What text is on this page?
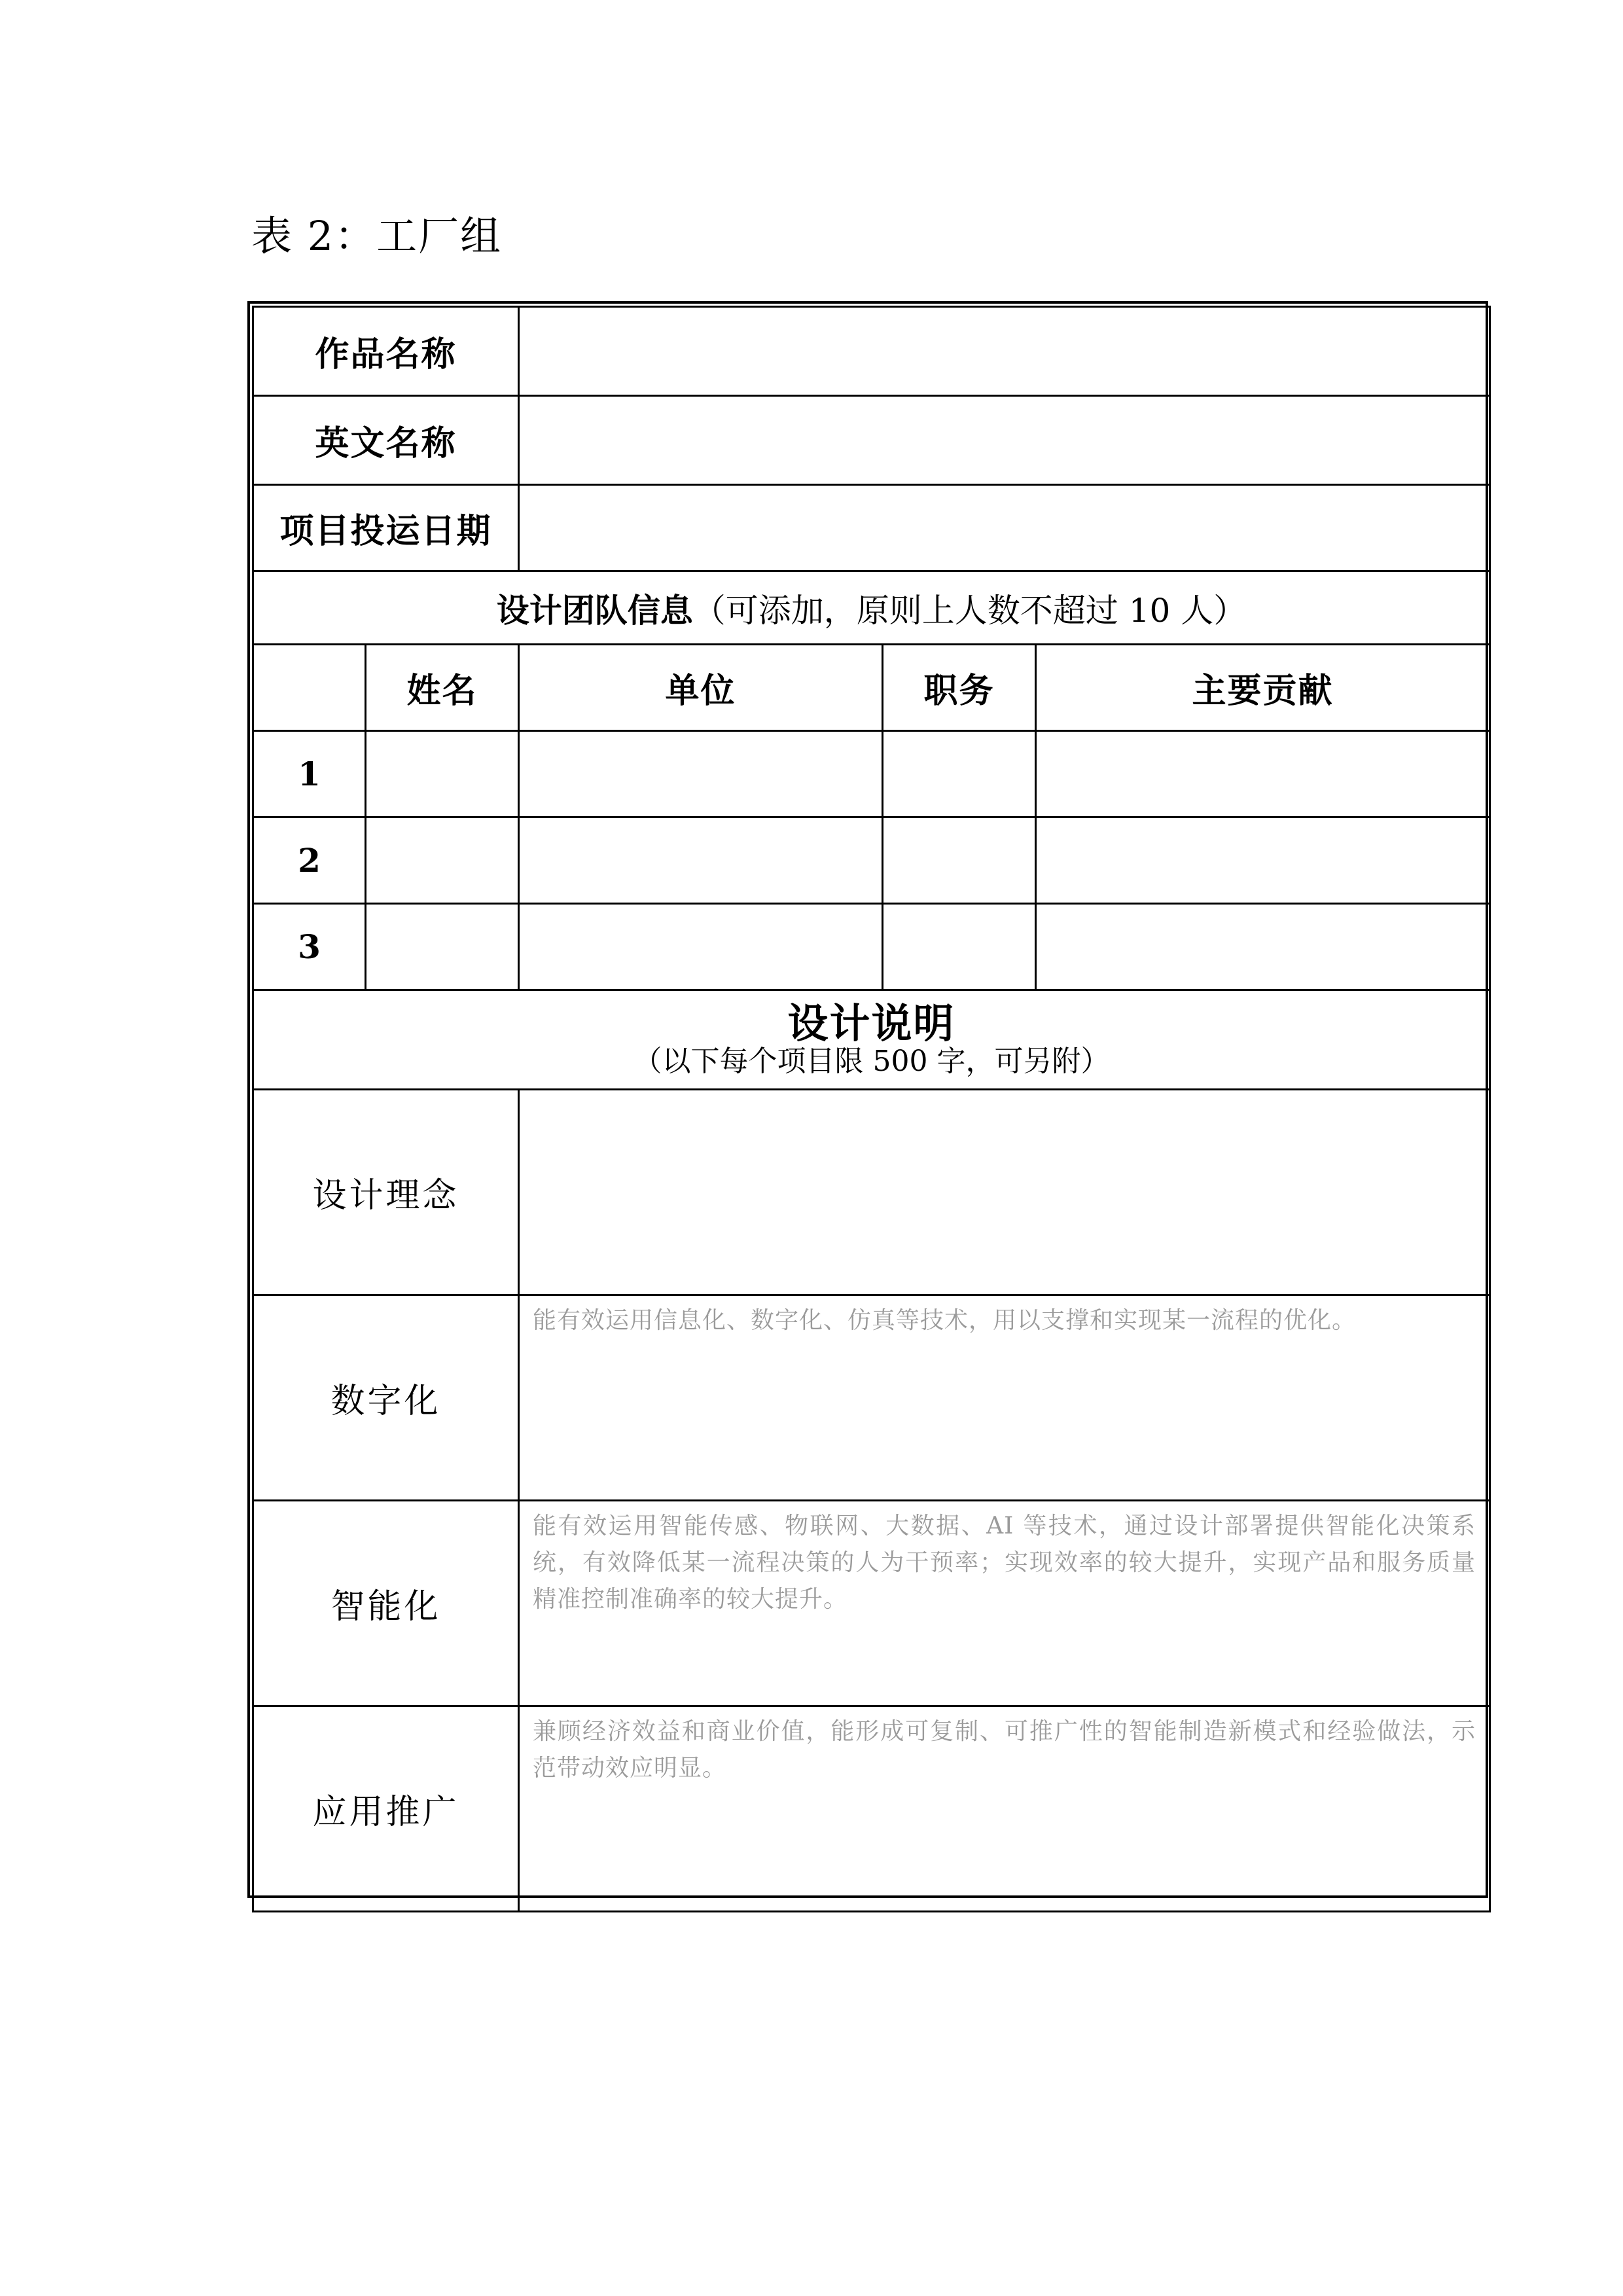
表 2：工厂组
作品名称				
英文名称				
项目投运日期				
设计团队信息（可添加，原则上人数不超过 10 人）				
	姓名	单位	职务	主要贡献
1				
2				
3				

设计说明
（以下每个项目限 500 字，可另附）				

设计理念				

数字化		能有效运用信息化、数字化、仿真等技术，用以支撑和实现某一流程的优化。		

智能化		能有效运用智能传感、物联网、大数据、AI 等技术，通过设计部署提供智能化决策系统，有效降低某一流程决策的人为干预率；实现效率的较大提升，实现产品和服务质量精准控制准确率的较大提升。		

应用推广		兼顾经济效益和商业价值，能形成可复制、可推广性的智能制造新模式和经验做法，示范带动效应明显。		
